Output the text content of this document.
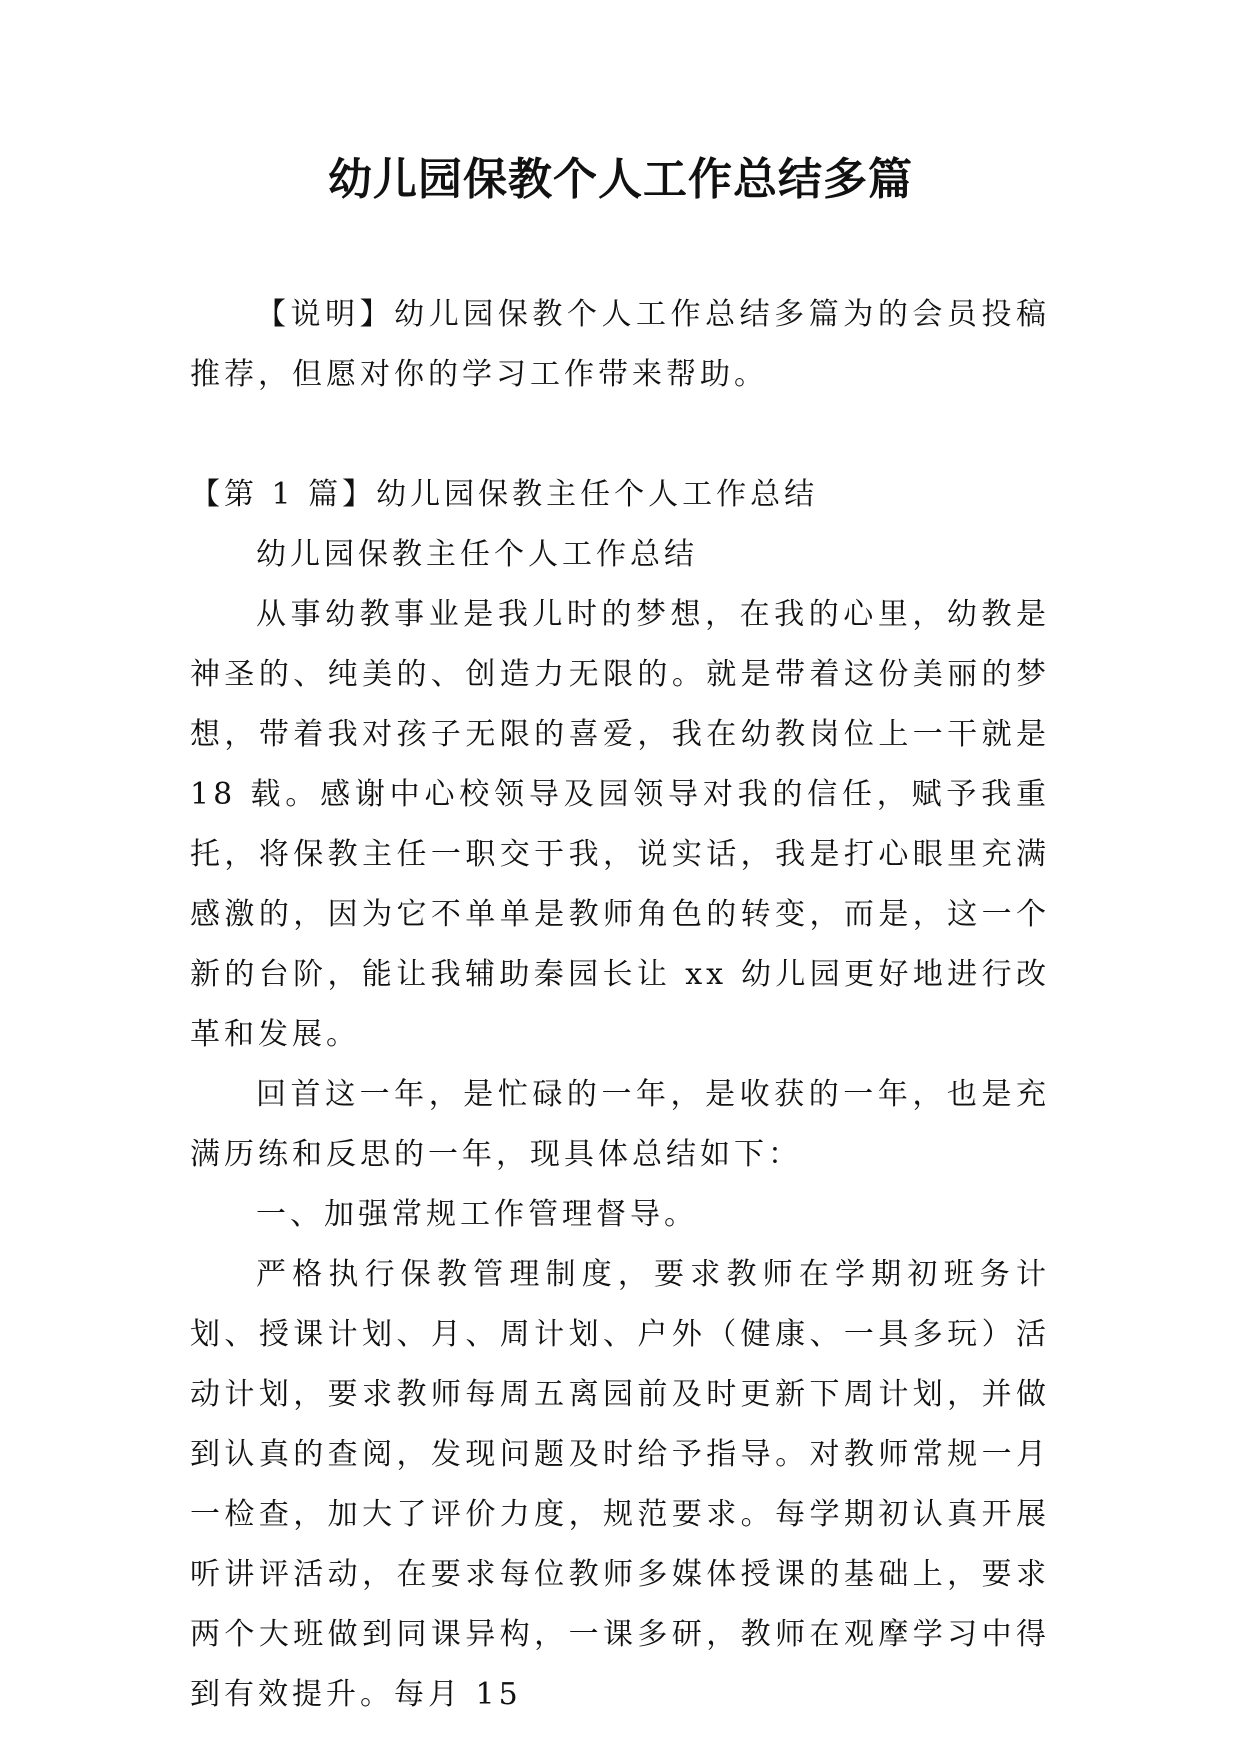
幼儿园保教个人工作总结多篇

【说明】幼儿园保教个人工作总结多篇为的会员投稿推荐，但愿对你的学习工作带来帮助。

【第 1 篇】幼儿园保教主任个人工作总结

幼儿园保教主任个人工作总结

从事幼教事业是我儿时的梦想，在我的心里，幼教是神圣的、纯美的、创造力无限的。就是带着这份美丽的梦想，带着我对孩子无限的喜爱，我在幼教岗位上一干就是 18 载。感谢中心校领导及园领导对我的信任，赋予我重托，将保教主任一职交于我，说实话，我是打心眼里充满感激的，因为它不单单是教师角色的转变，而是，这一个新的台阶，能让我辅助秦园长让 xx 幼儿园更好地进行改革和发展。

回首这一年，是忙碌的一年，是收获的一年，也是充满历练和反思的一年，现具体总结如下：

一、加强常规工作管理督导。

严格执行保教管理制度，要求教师在学期初班务计划、授课计划、月、周计划、户外（健康、一具多玩）活动计划，要求教师每周五离园前及时更新下周计划，并做到认真的查阅，发现问题及时给予指导。对教师常规一月一检查，加大了评价力度，规范要求。每学期初认真开展听讲评活动，在要求每位教师多媒体授课的基础上，要求两个大班做到同课异构，一课多研，教师在观摩学习中得到有效提升。每月 15
